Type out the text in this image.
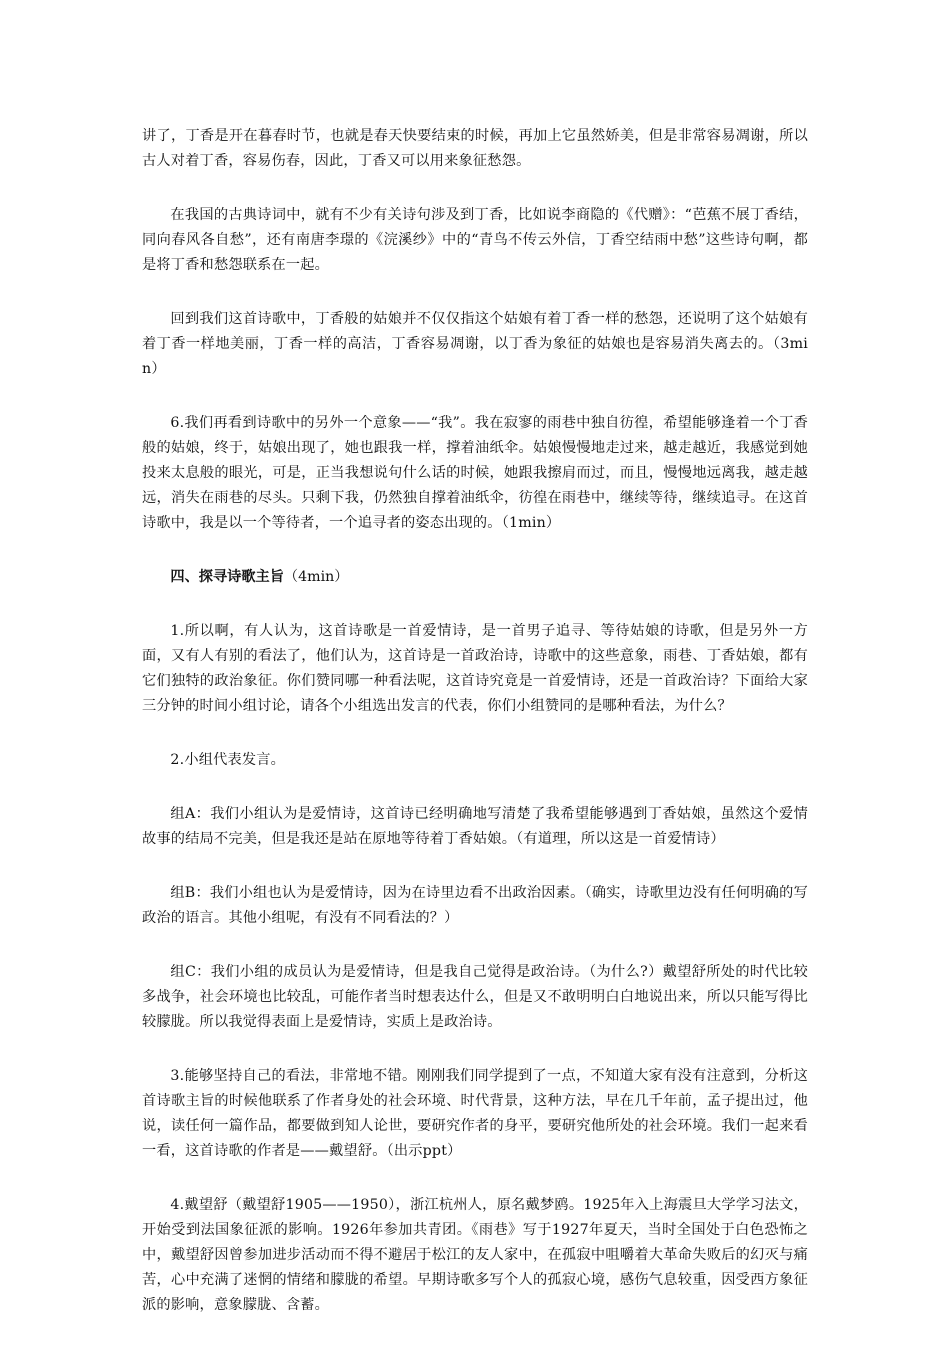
讲了，丁香是开在暮春时节，也就是春天快要结束的时候，再加上它虽然娇美，但是非常容易凋谢，所以古人对着丁香，容易伤春，因此，丁香又可以用来象征愁怨。

在我国的古典诗词中，就有不少有关诗句涉及到丁香，比如说李商隐的《代赠》：“芭蕉不展丁香结，同向春风各自愁”，还有南唐李璟的《浣溪纱》中的“青鸟不传云外信，丁香空结雨中愁”这些诗句啊，都是将丁香和愁怨联系在一起。

回到我们这首诗歌中，丁香般的姑娘并不仅仅指这个姑娘有着丁香一样的愁怨，还说明了这个姑娘有着丁香一样地美丽，丁香一样的高洁，丁香容易凋谢，以丁香为象征的姑娘也是容易消失离去的。（3min）

6.我们再看到诗歌中的另外一个意象——“我”。我在寂寥的雨巷中独自彷徨，希望能够逢着一个丁香般的姑娘，终于，姑娘出现了，她也跟我一样，撑着油纸伞。姑娘慢慢地走过来，越走越近，我感觉到她投来太息般的眼光，可是，正当我想说句什么话的时候，她跟我擦肩而过，而且，慢慢地远离我，越走越远，消失在雨巷的尽头。只剩下我，仍然独自撑着油纸伞，彷徨在雨巷中，继续等待，继续追寻。在这首诗歌中，我是以一个等待者，一个追寻者的姿态出现的。（1min）

四、探寻诗歌主旨（4min）

1.所以啊，有人认为，这首诗歌是一首爱情诗，是一首男子追寻、等待姑娘的诗歌，但是另外一方面，又有人有别的看法了，他们认为，这首诗是一首政治诗，诗歌中的这些意象，雨巷、丁香姑娘，都有它们独特的政治象征。你们赞同哪一种看法呢，这首诗究竟是一首爱情诗，还是一首政治诗？下面给大家三分钟的时间小组讨论，请各个小组选出发言的代表，你们小组赞同的是哪种看法，为什么？

2.小组代表发言。

组A：我们小组认为是爱情诗，这首诗已经明确地写清楚了我希望能够遇到丁香姑娘，虽然这个爱情故事的结局不完美，但是我还是站在原地等待着丁香姑娘。（有道理，所以这是一首爱情诗）

组B：我们小组也认为是爱情诗，因为在诗里边看不出政治因素。（确实，诗歌里边没有任何明确的写政治的语言。其他小组呢，有没有不同看法的？）

组C：我们小组的成员认为是爱情诗，但是我自己觉得是政治诗。（为什么?）戴望舒所处的时代比较多战争，社会环境也比较乱，可能作者当时想表达什么，但是又不敢明明白白地说出来，所以只能写得比较朦胧。所以我觉得表面上是爱情诗，实质上是政治诗。

3.能够坚持自己的看法，非常地不错。刚刚我们同学提到了一点，不知道大家有没有注意到，分析这首诗歌主旨的时候他联系了作者身处的社会环境、时代背景，这种方法，早在几千年前，孟子提出过，他说，读任何一篇作品，都要做到知人论世，要研究作者的身平，要研究他所处的社会环境。我们一起来看一看，这首诗歌的作者是——戴望舒。（出示ppt）

4.戴望舒（戴望舒1905——1950），浙江杭州人，原名戴梦鸥。1925年入上海震旦大学学习法文，开始受到法国象征派的影响。1926年参加共青团。《雨巷》写于1927年夏天，当时全国处于白色恐怖之中，戴望舒因曾参加进步活动而不得不避居于松江的友人家中，在孤寂中咀嚼着大革命失败后的幻灭与痛苦，心中充满了迷惘的情绪和朦胧的希望。早期诗歌多写个人的孤寂心境，感伤气息较重，因受西方象征派的影响，意象朦胧、含蓄。
